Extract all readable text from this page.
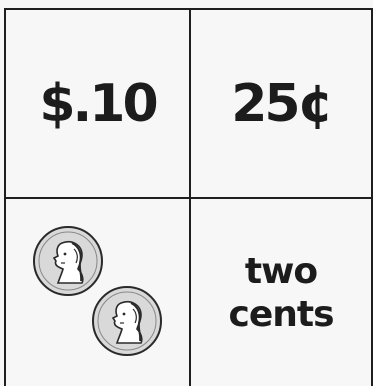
$.10 25¢
two
cents
